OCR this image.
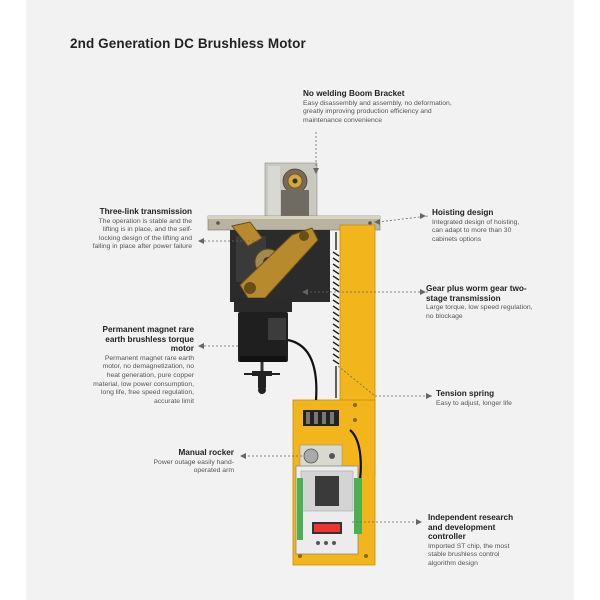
2nd Generation DC Brushless Motor
No welding Boom Bracket
Easy disassembly and assembly, no deformation, greatly improving production efficiency and maintenance convenience
Three-link transmission
The operation is stable and the lifting is in place, and the self-locking design of the lifting and falling in place after power failure
Hoisting design
Integrated design of hoisting, can adapt to more than 30 cabinets options
Gear plus worm gear two-stage transmission
Large torque, low speed regulation, no blockage
Permanent magnet rare earth brushless torque motor
Permanent magnet rare earth motor, no demagnetization, no heat generation, pure copper material, low power consumption, long life, free speed regulation, accurate limit
Tension spring
Easy to adjust, longer life
Manual rocker
Power outage easily hand-operated arm
Independent research and development controller
Imported ST chip, the most stable brushless control algorithm design
